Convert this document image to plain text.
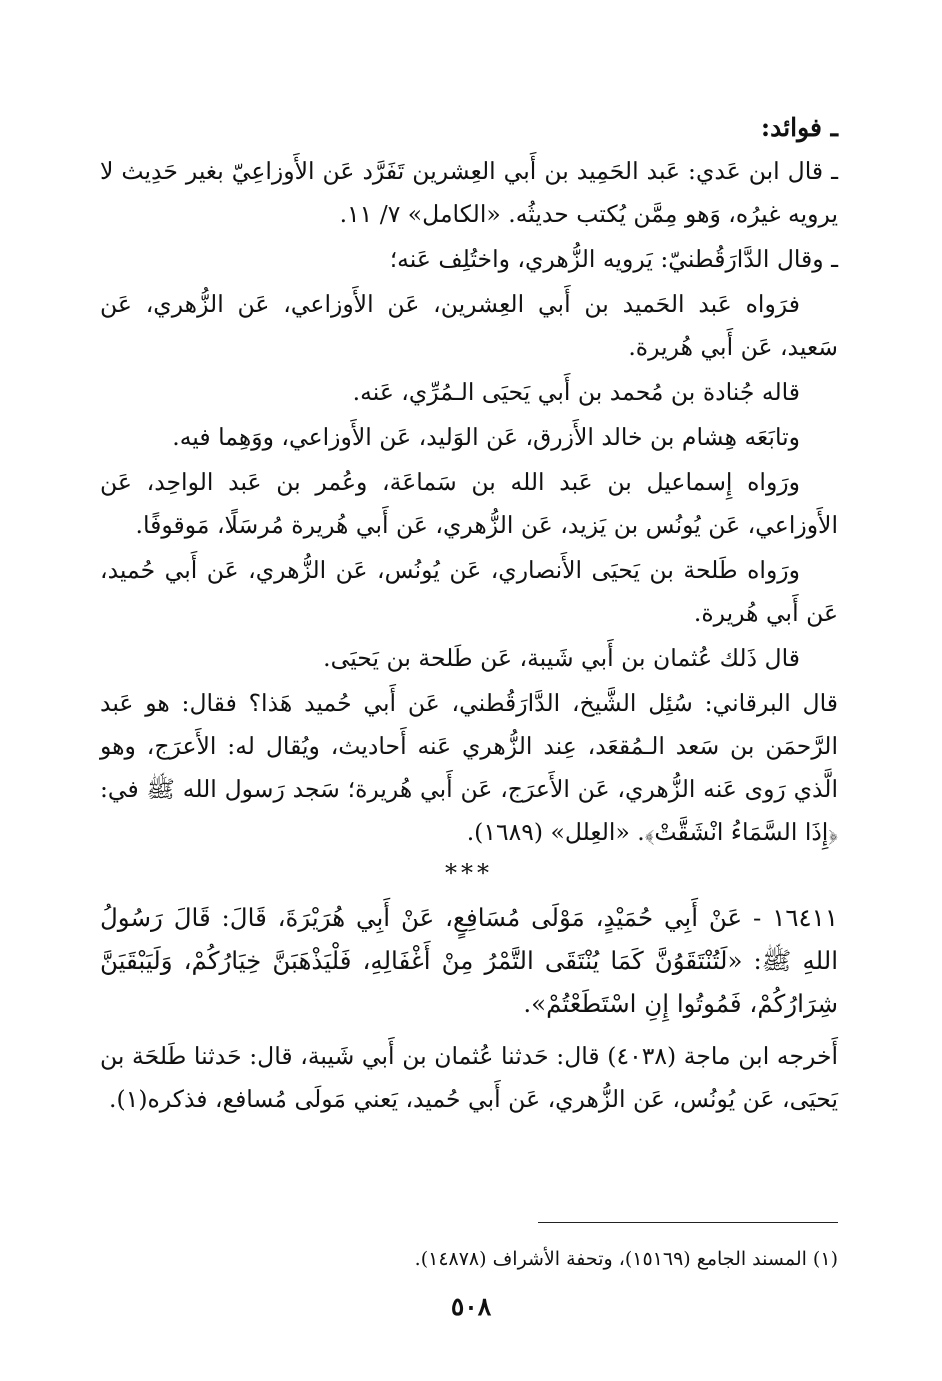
ـ فوائد:

ـ قال ابن عَدي: عَبد الحَمِيد بن أَبي العِشرين تَفَرَّد عَن الأَوزاعِيّ بغير حَدِيث لا يرويه غيرُه، وَهو مِمَّن يُكتب حديثُه. «الكامل» ٧/ ١١.

ـ وقال الدَّارَقُطنيّ: يَرويه الزُّهري، واختُلِف عَنه؛

فرَواه عَبد الحَميد بن أَبي العِشرين، عَن الأَوزاعي، عَن الزُّهري، عَن سَعيد، عَن أَبي هُريرة.

قاله جُنادة بن مُحمد بن أَبي يَحيَى الـمُرِّي، عَنه.

وتابَعَه هِشام بن خالد الأَزرق، عَن الوَليد، عَن الأَوزاعي، ووَهِما فيه.

ورَواه إِسماعيل بن عَبد الله بن سَماعَة، وعُمر بن عَبد الواحِد، عَن الأَوزاعي، عَن يُونُس بن يَزيد، عَن الزُّهري، عَن أَبي هُريرة مُرسَلًا، مَوقوفًا.

ورَواه طَلحة بن يَحيَى الأَنصاري، عَن يُونُس، عَن الزُّهري، عَن أَبي حُميد، عَن أَبي هُريرة.

قال ذَلك عُثمان بن أَبي شَيبة، عَن طَلحة بن يَحيَى.

قال البرقاني: سُئِل الشَّيخ، الدَّارَقُطني، عَن أَبي حُميد هَذا؟ فقال: هو عَبد الرَّحمَن بن سَعد الـمُقعَد، عِند الزُّهري عَنه أَحاديث، ويُقال له: الأَعرَج، وهو الَّذي رَوى عَنه الزُّهري، عَن الأَعرَج، عَن أَبي هُريرة؛ سَجد رَسول الله ﷺ في: ﴿إِذَا السَّمَاءُ انْشَقَّتْ﴾. «العِلل» (١٦٨٩).

***

١٦٤١١ - عَنْ أَبِي حُمَيْدٍ، مَوْلَى مُسَافِعٍ، عَنْ أَبِي هُرَيْرَةَ، قَالَ: قَالَ رَسُولُ اللهِ ﷺ: «لَتُنْتَقَوُنَّ كَمَا يُنْتَقَى التَّمْرُ مِنْ أَغْفَالِهِ، فَلْيَذْهَبَنَّ خِيَارُكُمْ، وَلَيَبْقَيَنَّ شِرَارُكُمْ، فَمُوتُوا إِنِ اسْتَطَعْتُمْ».

أَخرجه ابن ماجة (٤٠٣٨) قال: حَدثنا عُثمان بن أَبي شَيبة، قال: حَدثنا طَلحَة بن يَحيَى، عَن يُونُس، عَن الزُّهري، عَن أَبي حُميد، يَعني مَولَى مُسافع، فذكره(١).

(١) المسند الجامع (١٥١٦٩)، وتحفة الأشراف (١٤٨٧٨).
٥٠٨
